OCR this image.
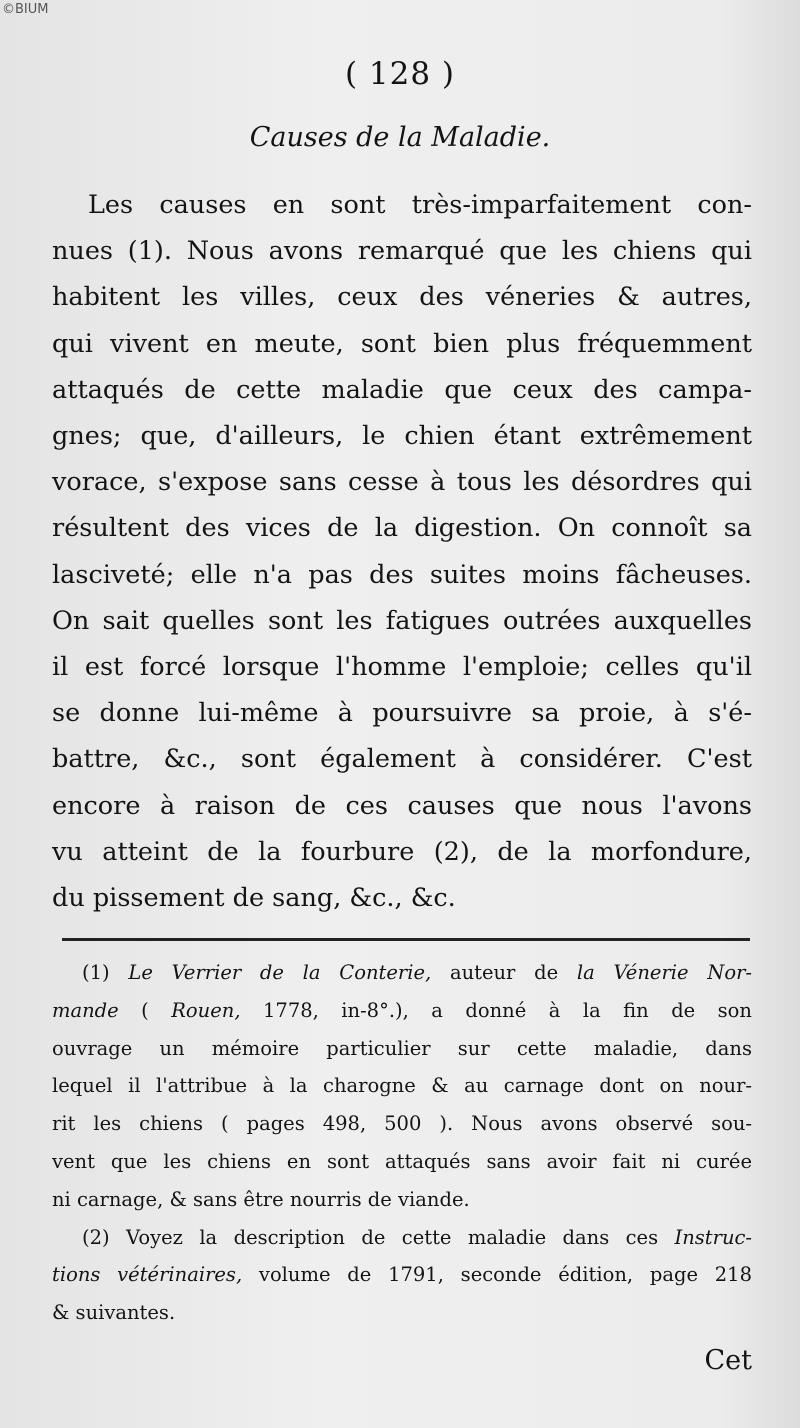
©BIUM
( 128 )
Causes de la Maladie.
Les causes en sont très-imparfaitement con-
nues (1). Nous avons remarqué que les chiens qui
habitent les villes, ceux des véneries & autres,
qui vivent en meute, sont bien plus fréquemment
attaqués de cette maladie que ceux des campa-
gnes; que, d'ailleurs, le chien étant extrêmement
vorace, s'expose sans cesse à tous les désordres qui
résultent des vices de la digestion. On connoît sa
lasciveté; elle n'a pas des suites moins fâcheuses.
On sait quelles sont les fatigues outrées auxquelles
il est forcé lorsque l'homme l'emploie; celles qu'il
se donne lui-même à poursuivre sa proie, à s'é-
battre, &c., sont également à considérer. C'est
encore à raison de ces causes que nous l'avons
vu atteint de la fourbure (2), de la morfondure,
du pissement de sang, &c., &c.
(1) Le Verrier de la Conterie, auteur de la Vénerie Nor-
mande ( Rouen, 1778, in-8°.), a donné à la fin de son
ouvrage un mémoire particulier sur cette maladie, dans
lequel il l'attribue à la charogne & au carnage dont on nour-
rit les chiens ( pages 498, 500 ). Nous avons observé sou-
vent que les chiens en sont attaqués sans avoir fait ni curée
ni carnage, & sans être nourris de viande.
(2) Voyez la description de cette maladie dans ces Instruc-
tions vétérinaires, volume de 1791, seconde édition, page 218
& suivantes.
Cet
